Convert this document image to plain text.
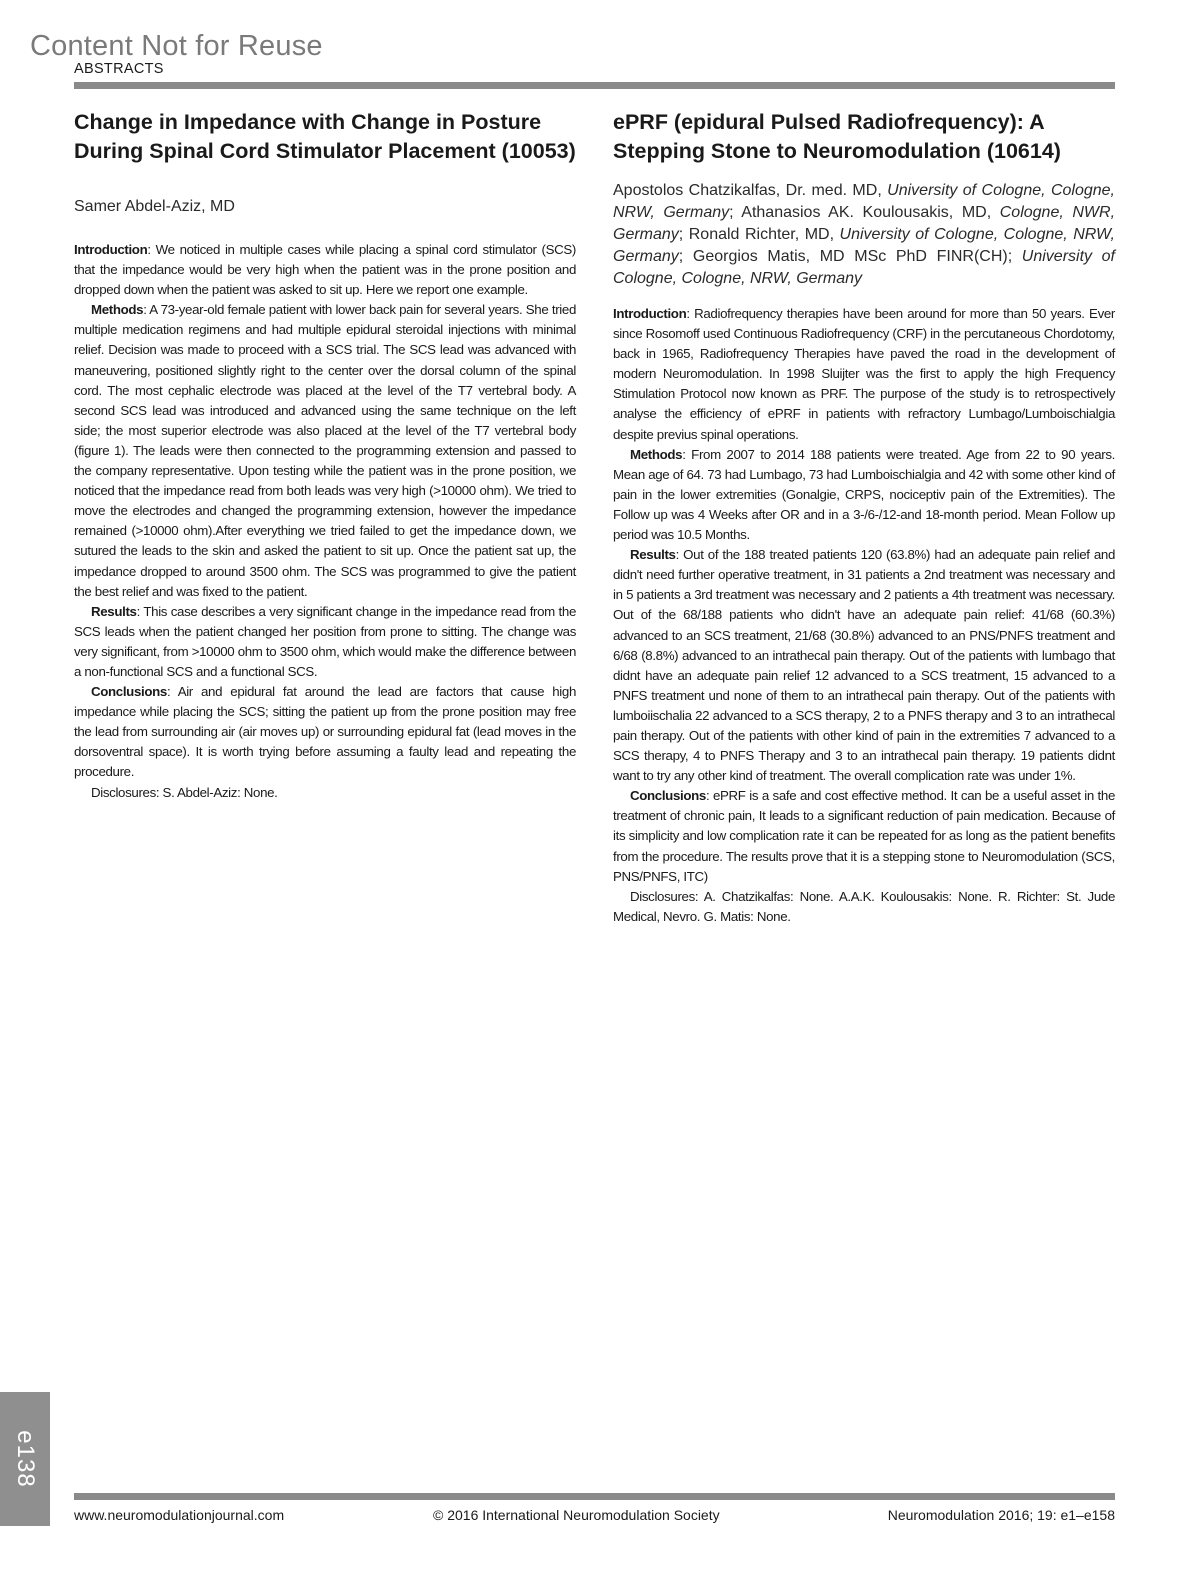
Content Not for Reuse
ABSTRACTS
Change in Impedance with Change in Posture During Spinal Cord Stimulator Placement (10053)
Samer Abdel-Aziz, MD

Introduction: We noticed in multiple cases while placing a spinal cord stimulator (SCS) that the impedance would be very high when the patient was in the prone position and dropped down when the patient was asked to sit up. Here we report one example.

Methods: A 73-year-old female patient with lower back pain for several years. She tried multiple medication regimens and had multiple epidural steroidal injections with minimal relief. Decision was made to proceed with a SCS trial. The SCS lead was advanced with maneuvering, positioned slightly right to the center over the dorsal column of the spinal cord. The most cephalic electrode was placed at the level of the T7 vertebral body. A second SCS lead was introduced and advanced using the same technique on the left side; the most superior electrode was also placed at the level of the T7 vertebral body (figure 1). The leads were then connected to the programming extension and passed to the company representative. Upon testing while the patient was in the prone position, we noticed that the impedance read from both leads was very high (>10000 ohm). We tried to move the electrodes and changed the programming extension, however the impedance remained (>10000 ohm).After everything we tried failed to get the impedance down, we sutured the leads to the skin and asked the patient to sit up. Once the patient sat up, the impedance dropped to around 3500 ohm. The SCS was programmed to give the patient the best relief and was fixed to the patient.

Results: This case describes a very significant change in the impedance read from the SCS leads when the patient changed her position from prone to sitting. The change was very significant, from >10000 ohm to 3500 ohm, which would make the difference between a non-functional SCS and a functional SCS.

Conclusions: Air and epidural fat around the lead are factors that cause high impedance while placing the SCS; sitting the patient up from the prone position may free the lead from surrounding air (air moves up) or surrounding epidural fat (lead moves in the dorsoventral space). It is worth trying before assuming a faulty lead and repeating the procedure.

Disclosures: S. Abdel-Aziz: None.

ePRF (epidural Pulsed Radiofrequency): A Stepping Stone to Neuromodulation (10614)
Apostolos Chatzikalfas, Dr. med. MD, University of Cologne, Cologne, NRW, Germany; Athanasios AK. Koulousakis, MD, Cologne, NWR, Germany; Ronald Richter, MD, University of Cologne, Cologne, NRW, Germany; Georgios Matis, MD MSc PhD FINR(CH); University of Cologne, Cologne, NRW, Germany

Introduction: Radiofrequency therapies have been around for more than 50 years. Ever since Rosomoff used Continuous Radiofrequency (CRF) in the percutaneous Chordotomy, back in 1965, Radiofrequency Therapies have paved the road in the development of modern Neuromodulation. In 1998 Sluijter was the first to apply the high Frequency Stimulation Protocol now known as PRF. The purpose of the study is to retrospectively analyse the efficiency of ePRF in patients with refractory Lumbago/Lumboischialgia despite previus spinal operations.

Methods: From 2007 to 2014 188 patients were treated. Age from 22 to 90 years. Mean age of 64. 73 had Lumbago, 73 had Lumboischialgia and 42 with some other kind of pain in the lower extremities (Gonalgie, CRPS, nociceptiv pain of the Extremities). The Follow up was 4 Weeks after OR and in a 3-/6-/12-and 18-month period. Mean Follow up period was 10.5 Months.

Results: Out of the 188 treated patients 120 (63.8%) had an adequate pain relief and didn't need further operative treatment, in 31 patients a 2nd treatment was necessary and in 5 patients a 3rd treatment was necessary and 2 patients a 4th treatment was necessary. Out of the 68/188 patients who didn't have an adequate pain relief: 41/68 (60.3%) advanced to an SCS treatment, 21/68 (30.8%) advanced to an PNS/PNFS treatment and 6/68 (8.8%) advanced to an intrathecal pain therapy. Out of the patients with lumbago that didnt have an adequate pain relief 12 advanced to a SCS treatment, 15 advanced to a PNFS treatment und none of them to an intrathecal pain therapy. Out of the patients with lumboiischalia 22 advanced to a SCS therapy, 2 to a PNFS therapy and 3 to an intrathecal pain therapy. Out of the patients with other kind of pain in the extremities 7 advanced to a SCS therapy, 4 to PNFS Therapy and 3 to an intrathecal pain therapy. 19 patients didnt want to try any other kind of treatment. The overall complication rate was under 1%.

Conclusions: ePRF is a safe and cost effective method. It can be a useful asset in the treatment of chronic pain, It leads to a significant reduction of pain medication. Because of its simplicity and low complication rate it can be repeated for as long as the patient benefits from the procedure. The results prove that it is a stepping stone to Neuromodulation (SCS, PNS/PNFS, ITC)

Disclosures: A. Chatzikalfas: None. A.A.K. Koulousakis: None. R. Richter: St. Jude Medical, Nevro. G. Matis: None.

e138
www.neuromodulationjournal.com	© 2016 International Neuromodulation Society	Neuromodulation 2016; 19: e1–e158
